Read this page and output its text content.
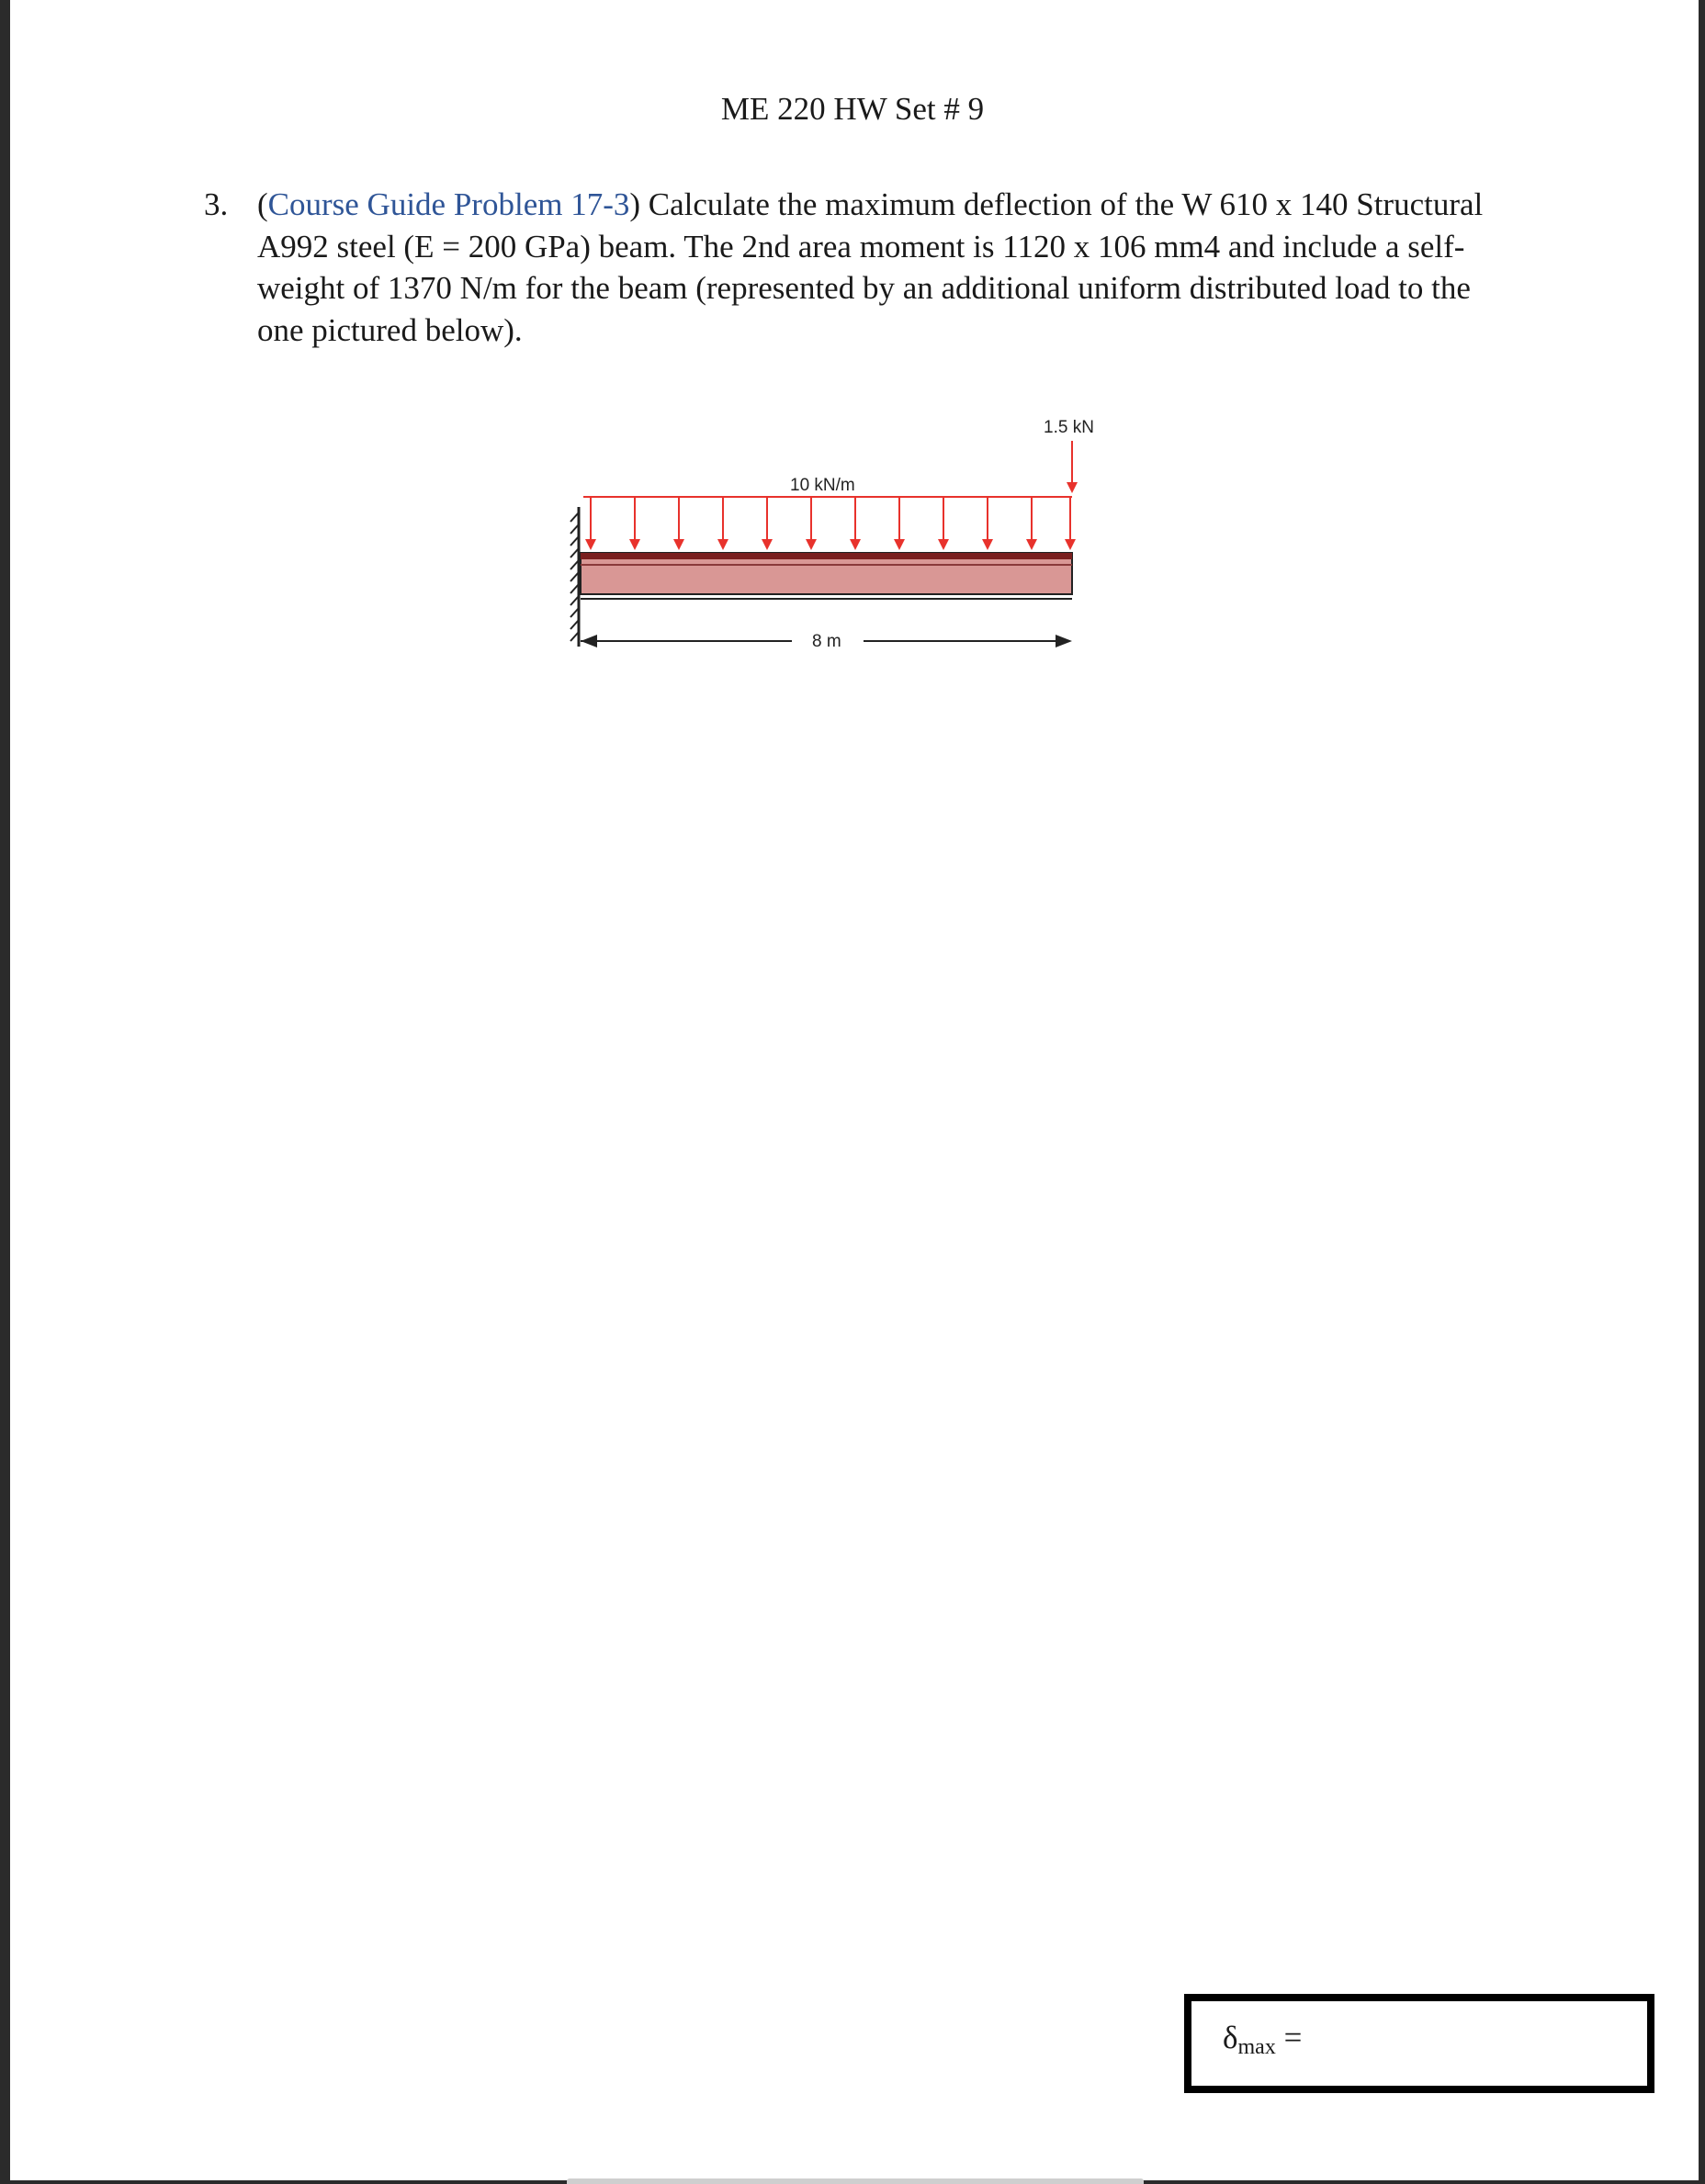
ME 220 HW Set # 9
3. (Course Guide Problem 17-3) Calculate the maximum deflection of the W 610 x 140 Structural A992 steel (E = 200 GPa) beam. The 2nd area moment is 1120 x 106 mm4 and include a self-weight of 1370 N/m for the beam (represented by an additional uniform distributed load to the one pictured below).
1.5 kN
10 kN/m
8 m
$\delta_{max}$ =
